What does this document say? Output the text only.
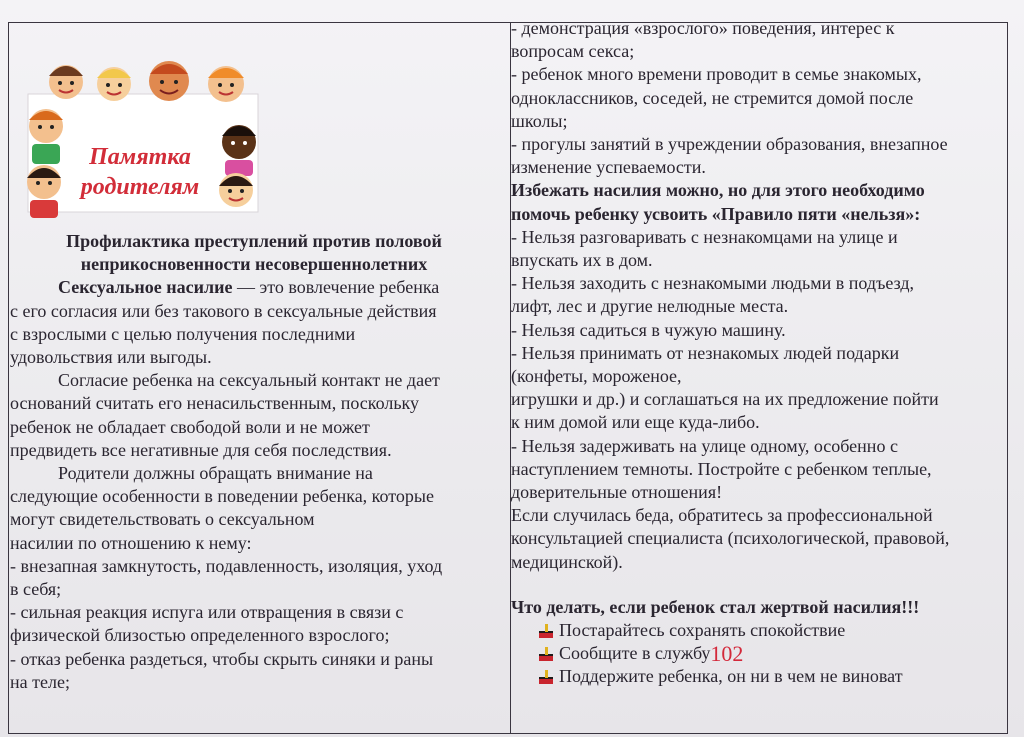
Памятка
родителям

Профилактика преступлений против половой

неприкосновенности несовершеннолетних

Сексуальное насилие — это вовлечение ребенка

с его согласия или без такового в сексуальные действия

с взрослыми с целью получения последними

удовольствия или выгоды.

Согласие ребенка на сексуальный контакт не дает

оснований считать его ненасильственным, поскольку

ребенок не обладает свободой воли и не может

предвидеть все негативные для себя последствия.

Родители должны обращать внимание на

следующие особенности в поведении ребенка, которые

могут свидетельствовать о сексуальном

насилии по отношению к нему:

- внезапная замкнутость, подавленность, изоляция, уход

в себя;

- сильная реакция испуга или отвращения в связи с

физической близостью определенного взрослого;

- отказ ребенка раздеться, чтобы скрыть синяки и раны

на теле;

- демонстрация «взрослого» поведения, интерес к

вопросам секса;

- ребенок много времени проводит в семье знакомых,

одноклассников, соседей, не стремится домой после

школы;

- прогулы занятий в учреждении образования, внезапное

изменение успеваемости.

Избежать насилия можно, но для этого необходимо

помочь ребенку усвоить «Правило пяти «нельзя»:

- Нельзя разговаривать с незнакомцами на улице и

впускать их в дом.

- Нельзя заходить с незнакомыми людьми в подъезд,

лифт, лес и другие нелюдные места.

- Нельзя садиться в чужую машину.

- Нельзя принимать от незнакомых людей подарки

(конфеты, мороженое,

игрушки и др.) и соглашаться на их предложение пойти

к ним домой или еще куда-либо.

- Нельзя задерживать на улице одному, особенно с

наступлением темноты. Постройте с ребенком теплые,

доверительные отношения!

Если случилась беда, обратитесь за профессиональной

консультацией специалиста (психологической, правовой,

медицинской).

Что делать, если ребенок стал жертвой насилия!!!

Постарайтесь сохранять спокойствие
Сообщите в службу 102
Поддержите ребенка, он ни в чем не виноват
